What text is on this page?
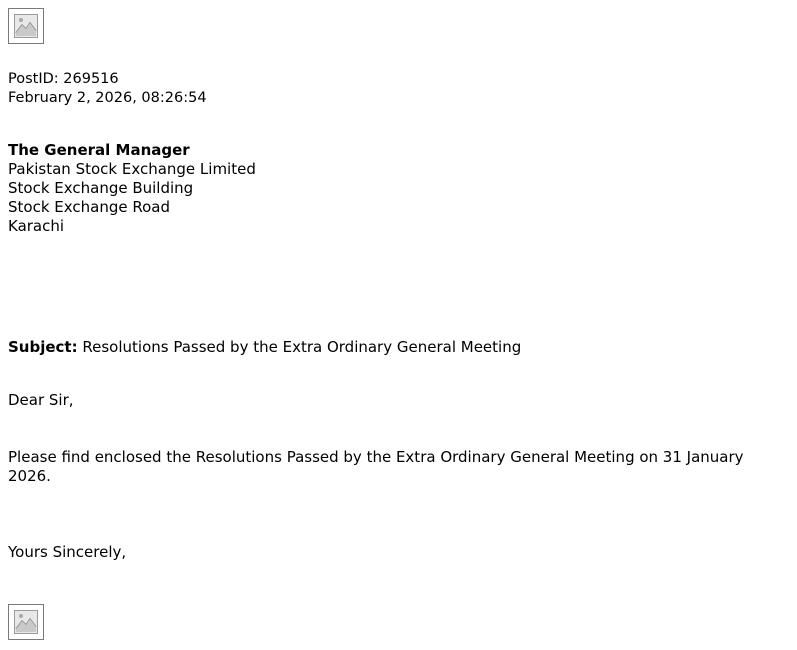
PostID: 269516
February 2, 2026, 08:26:54
The General Manager
Pakistan Stock Exchange Limited
Stock Exchange Building
Stock Exchange Road
Karachi
Subject: Resolutions Passed by the Extra Ordinary General Meeting
Dear Sir,
Please find enclosed the Resolutions Passed by the Extra Ordinary General Meeting on 31 January 2026.
Yours Sincerely,
